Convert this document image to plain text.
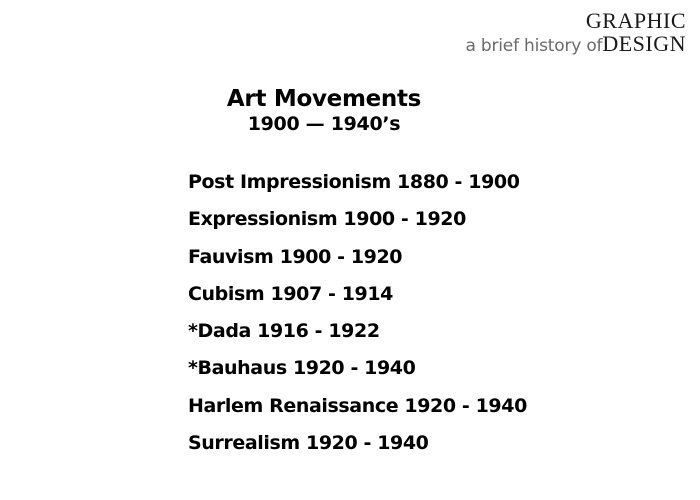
GRAPHIC
a brief history ofDESIGN
Art Movements
1900 — 1940’s
Post Impressionism 1880 - 1900
Expressionism 1900 - 1920
Fauvism 1900 - 1920
Cubism 1907 - 1914
*Dada 1916 - 1922
*Bauhaus 1920 - 1940
Harlem Renaissance 1920 - 1940
Surrealism 1920 - 1940
